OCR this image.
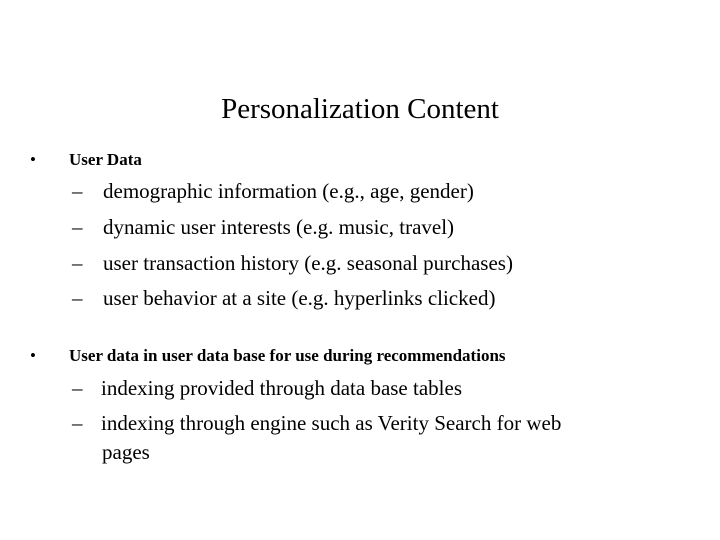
Personalization Content
• User Data
– demographic information (e.g., age, gender)
– dynamic user interests (e.g. music, travel)
– user transaction history (e.g. seasonal purchases)
– user behavior at a site (e.g. hyperlinks clicked)
• User data in user data base for use during recommendations
– indexing provided through data base tables
– indexing through engine such as Verity Search for web
pages
